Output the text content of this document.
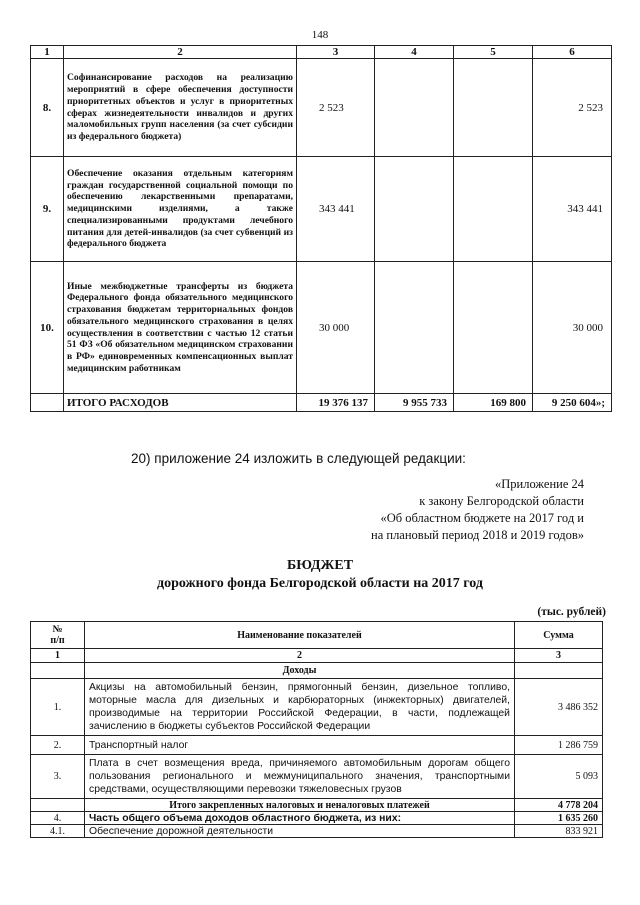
148
1	2	3	4	5	6
8.	Софинансирование расходов на реализацию мероприятий в сфере обеспечения доступности приоритетных объектов и услуг в приоритетных сферах жизнедеятельности инвалидов и других маломобильных групп населения (за счет субсидии из федерального бюджета)	2 523			2 523
9.	Обеспечение оказания отдельным категориям граждан государственной социальной помощи по обеспечению лекарственными препаратами, медицинскими изделиями, а также специализированными продуктами лечебного питания для детей-инвалидов (за счет субвенций из федерального бюджета	343 441			343 441
10.	Иные межбюджетные трансферты из бюджета Федерального фонда обязательного медицинского страхования бюджетам территориальных фондов обязательного медицинского страхования в целях осуществления в соответствии с частью 12 статьи 51 ФЗ «Об обязательном медицинском страховании в РФ» единовременных компенсационных выплат медицинским работникам	30 000			30 000
	ИТОГО РАСХОДОВ	19 376 137	9 955 733	169 800	9 250 604»;
20) приложение 24 изложить в следующей редакции:
«Приложение 24
к закону Белгородской области
«Об областном бюджете на 2017 год и
на плановый период 2018 и 2019 годов»
БЮДЖЕТ
дорожного фонда Белгородской области на 2017 год
(тыс. рублей)
№
п/п	Наименование показателей	Сумма
1	2	3
	Доходы	
1.	Акцизы на автомобильный бензин, прямогонный бензин, дизельное топливо, моторные масла для дизельных и карбюраторных (инжекторных) двигателей, производимые на территории Российской Федерации, в части, подлежащей зачислению в бюджеты субъектов Российской Федерации	3 486 352
2.	Транспортный налог	1 286 759
3.	Плата в счет возмещения вреда, причиняемого автомобильным дорогам общего пользования регионального и межмуниципального значения, транспортными средствами, осуществляющими перевозки тяжеловесных грузов	5 093
	Итого закрепленных налоговых и неналоговых платежей	4 778 204
4.	Часть общего объема доходов областного бюджета, из них:	1 635 260
4.1.	Обеспечение дорожной деятельности	833 921
